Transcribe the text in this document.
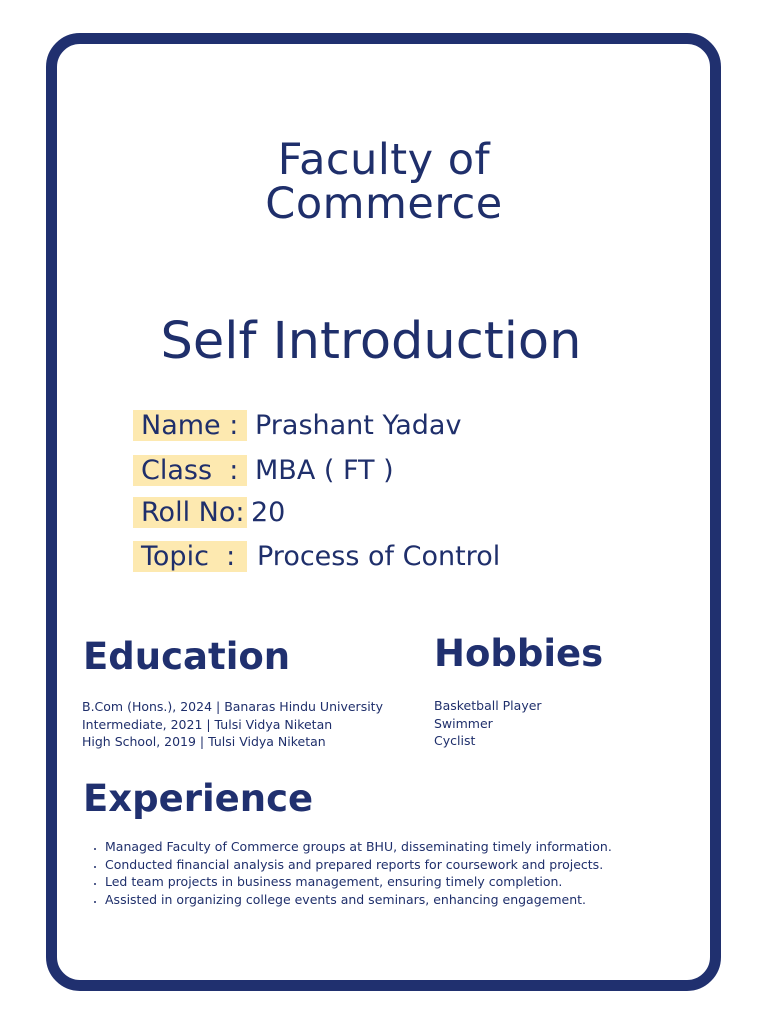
Faculty of
Commerce
Self Introduction
Name : Prashant Yadav
Class  : MBA ( FT )
Roll No: 20
Topic  : Process of Control
Education
B.Com (Hons.), 2024 | Banaras Hindu University
Intermediate, 2021 | Tulsi Vidya Niketan
High School, 2019 | Tulsi Vidya Niketan
Hobbies
Basketball Player
Swimmer
Cyclist
Experience
• Managed Faculty of Commerce groups at BHU, disseminating timely information.
• Conducted financial analysis and prepared reports for coursework and projects.
• Led team projects in business management, ensuring timely completion.
• Assisted in organizing college events and seminars, enhancing engagement.
